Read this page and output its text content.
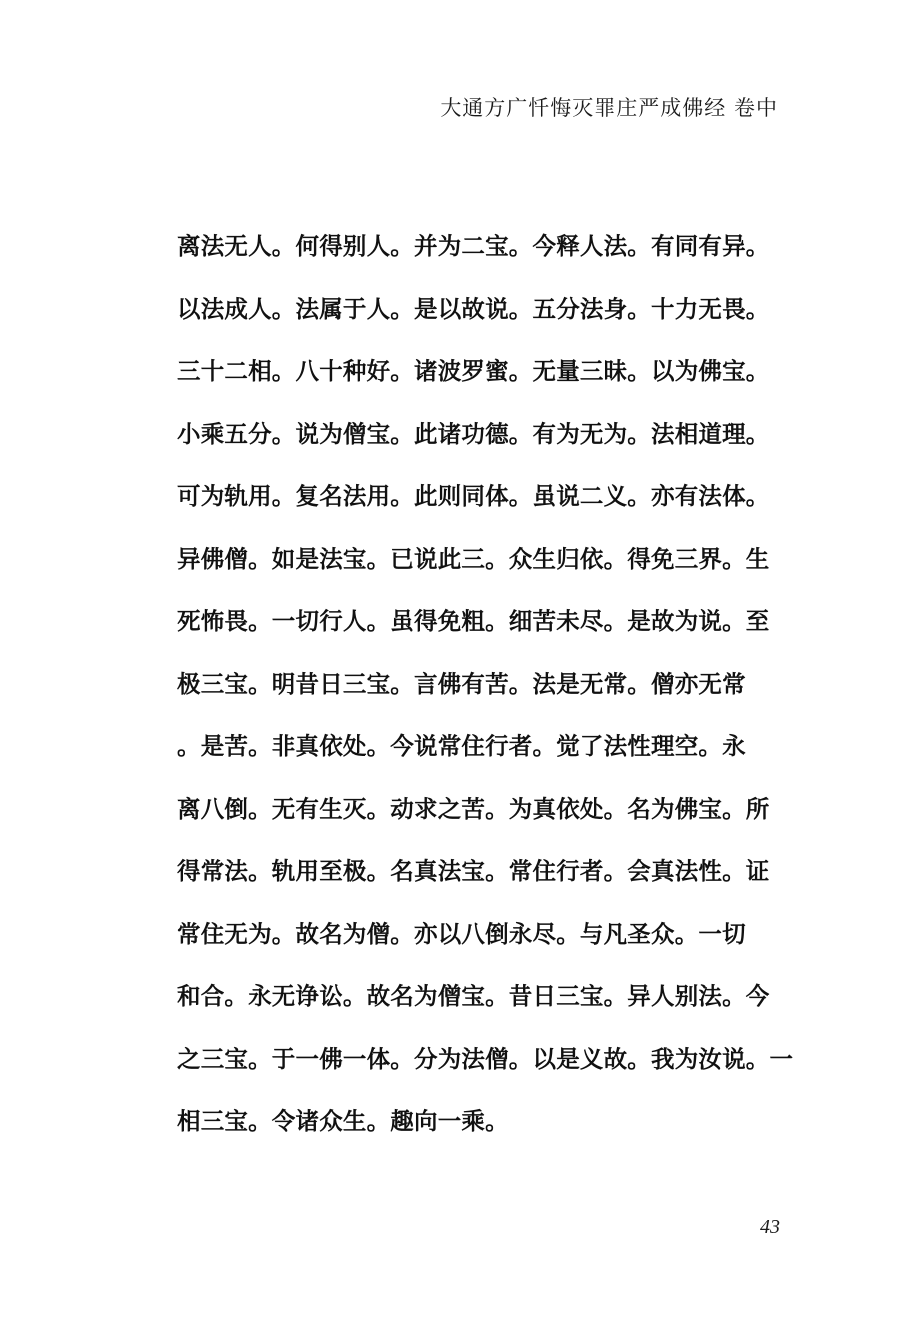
大通方广忏悔灭罪庄严成佛经 卷中
离法无人。何得别人。并为二宝。今释人法。有同有异。
以法成人。法属于人。是以故说。五分法身。十力无畏。
三十二相。八十种好。诸波罗蜜。无量三昧。以为佛宝。
小乘五分。说为僧宝。此诸功德。有为无为。法相道理。
可为轨用。复名法用。此则同体。虽说二义。亦有法体。
异佛僧。如是法宝。已说此三。众生归依。得免三界。生
死怖畏。一切行人。虽得免粗。细苦未尽。是故为说。至
极三宝。明昔日三宝。言佛有苦。法是无常。僧亦无常
。是苦。非真依处。今说常住行者。觉了法性理空。永
离八倒。无有生灭。动求之苦。为真依处。名为佛宝。所
得常法。轨用至极。名真法宝。常住行者。会真法性。证
常住无为。故名为僧。亦以八倒永尽。与凡圣众。一切
和合。永无诤讼。故名为僧宝。昔日三宝。异人别法。今
之三宝。于一佛一体。分为法僧。以是义故。我为汝说。一
相三宝。令诸众生。趣向一乘。
43
